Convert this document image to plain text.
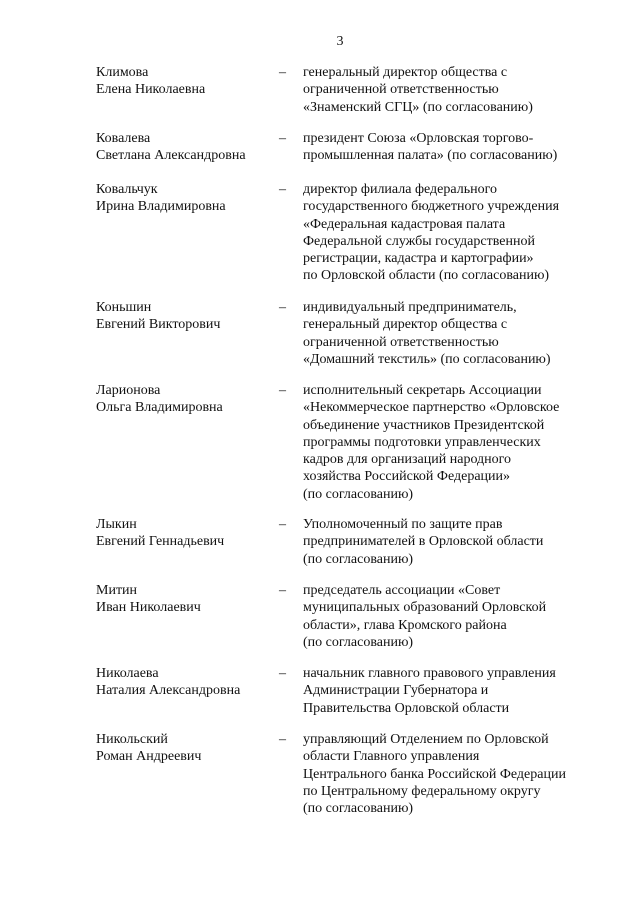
3
Климова
Елена Николаевна
– генеральный директор общества с
ограниченной ответственностью
«Знаменский СГЦ» (по согласованию)
Ковалева
Светлана Александровна
– президент Союза «Орловская торгово-
промышленная палата» (по согласованию)
Ковальчук
Ирина Владимировна
– директор филиала федерального
государственного бюджетного учреждения
«Федеральная кадастровая палата
Федеральной службы государственной
регистрации, кадастра и картографии»
по Орловской области (по согласованию)
Коньшин
Евгений Викторович
– индивидуальный предприниматель,
генеральный директор общества с
ограниченной ответственностью
«Домашний текстиль» (по согласованию)
Ларионова
Ольга Владимировна
– исполнительный секретарь Ассоциации
«Некоммерческое партнерство «Орловское
объединение участников Президентской
программы подготовки управленческих
кадров для организаций народного
хозяйства Российской Федерации»
(по согласованию)
Лыкин
Евгений Геннадьевич
– Уполномоченный по защите прав
предпринимателей в Орловской области
(по согласованию)
Митин
Иван Николаевич
– председатель ассоциации «Совет
муниципальных образований Орловской
области», глава Кромского района
(по согласованию)
Николаева
Наталия Александровна
– начальник главного правового управления
Администрации Губернатора и
Правительства Орловской области
Никольский
Роман Андреевич
– управляющий Отделением по Орловской
области Главного управления
Центрального банка Российской Федерации
по Центральному федеральному округу
(по согласованию)
